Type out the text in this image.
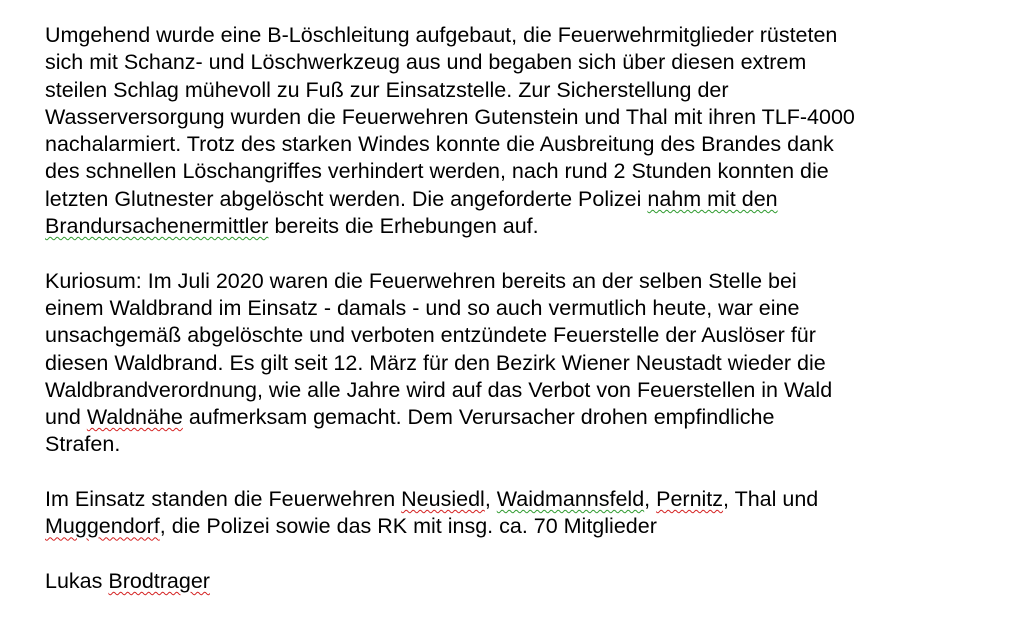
Umgehend wurde eine B-Löschleitung aufgebaut, die Feuerwehrmitglieder rüsteten
sich mit Schanz- und Löschwerkzeug aus und begaben sich über diesen extrem
steilen Schlag mühevoll zu Fuß zur Einsatzstelle. Zur Sicherstellung der
Wasserversorgung wurden die Feuerwehren Gutenstein und Thal mit ihren TLF-4000
nachalarmiert. Trotz des starken Windes konnte die Ausbreitung des Brandes dank
des schnellen Löschangriffes verhindert werden, nach rund 2 Stunden konnten die
letzten Glutnester abgelöscht werden. Die angeforderte Polizei nahm mit den
Brandursachenermittler bereits die Erhebungen auf.

Kuriosum: Im Juli 2020 waren die Feuerwehren bereits an der selben Stelle bei
einem Waldbrand im Einsatz - damals - und so auch vermutlich heute, war eine
unsachgemäß abgelöschte und verboten entzündete Feuerstelle der Auslöser für
diesen Waldbrand. Es gilt seit 12. März für den Bezirk Wiener Neustadt wieder die
Waldbrandverordnung, wie alle Jahre wird auf das Verbot von Feuerstellen in Wald
und Waldnähe aufmerksam gemacht. Dem Verursacher drohen empfindliche
Strafen.

Im Einsatz standen die Feuerwehren Neusiedl, Waidmannsfeld, Pernitz, Thal und
Muggendorf, die Polizei sowie das RK mit insg. ca. 70 Mitglieder

Lukas Brodtrager
